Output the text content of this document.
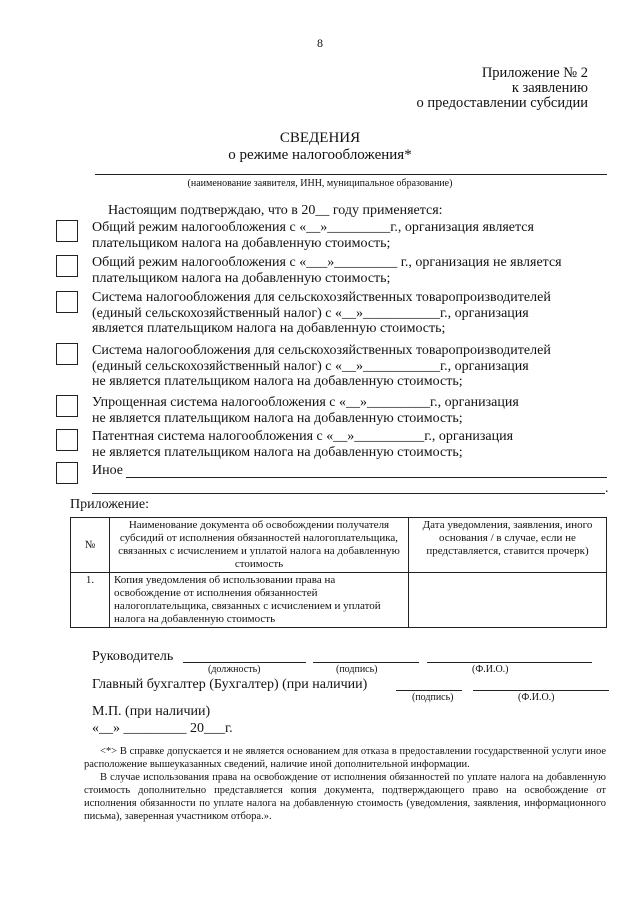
8
Приложение № 2
к заявлению
о предоставлении субсидии
СВЕДЕНИЯ
о режиме налогообложения*
(наименование заявителя, ИНН, муниципальное образование)
Настоящим подтверждаю, что в 20__ году применяется:
Общий режим налогообложения с «__»_________г., организация является
плательщиком налога на добавленную стоимость;
Общий режим налогообложения с «___»_________ г., организация не является
плательщиком налога на добавленную стоимость;
Система налогообложения для сельскохозяйственных товаропроизводителей
(единый сельскохозяйственный налог) с «__»___________г., организация
является плательщиком налога на добавленную стоимость;
Система налогообложения для сельскохозяйственных товаропроизводителей
(единый сельскохозяйственный налог) с «__»___________г., организация
не является плательщиком налога на добавленную стоимость;
Упрощенная система налогообложения с «__»_________г., организация
не является плательщиком налога на добавленную стоимость;
Патентная система налогообложения с «__»__________г., организация
не является плательщиком налога на добавленную стоимость;
Иное
.
Приложение:
№	Наименование документа об освобождении получателя субсидий от исполнения обязанностей налогоплательщика, связанных с исчислением и уплатой налога на добавленную стоимость	Дата уведомления, заявления, иного основания / в случае, если не представляется, ставится прочерк)
1.	Копия уведомления об использовании права на освобождение от исполнения обязанностей налогоплательщика, связанных с исчислением и уплатой налога на добавленную стоимость	
Руководитель
(должность)	(подпись)	(Ф.И.О.)
Главный бухгалтер (Бухгалтер) (при наличии)
(подпись)	(Ф.И.О.)
М.П. (при наличии)
«__» _________ 20___г.
<*> В справке допускается и не является основанием для отказа в предоставлении государственной услуги иное расположение вышеуказанных сведений, наличие иной дополнительной информации.
В случае использования права на освобождение от исполнения обязанностей по уплате налога на добавленную стоимость дополнительно представляется копия документа, подтверждающего право на освобождение от исполнения обязанности по уплате налога на добавленную стоимость (уведомления, заявления, информационного письма), заверенная участником отбора.».
